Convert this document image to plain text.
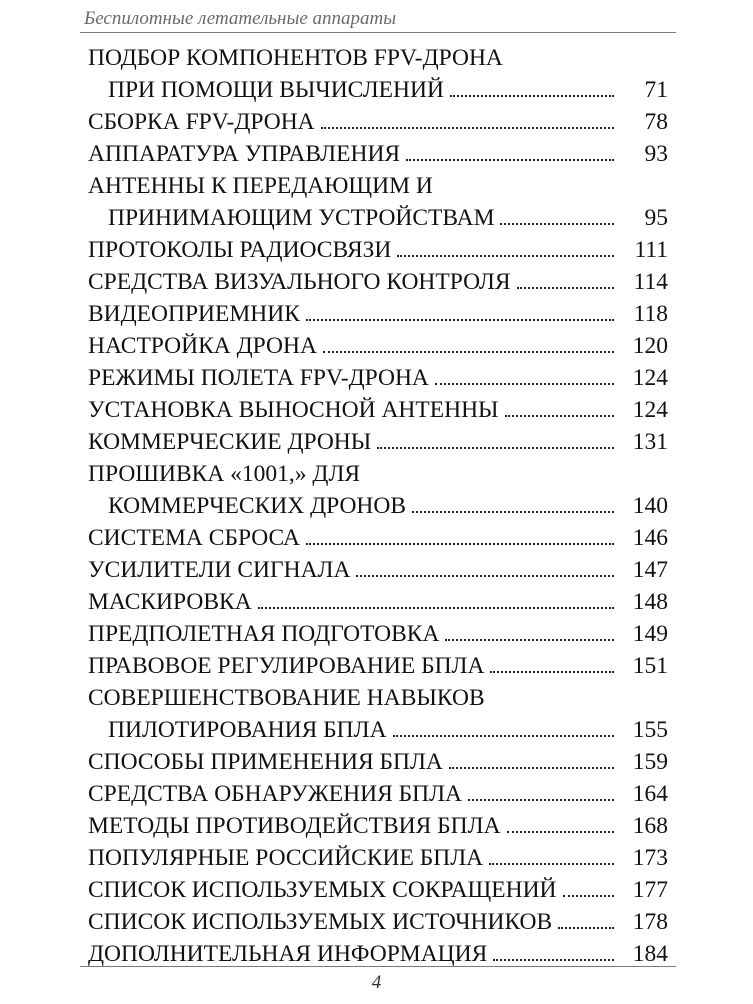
Беспилотные летательные аппараты
ПОДБОР КОМПОНЕНТОВ FPV-ДРОНА
ПРИ ПОМОЩИ ВЫЧИСЛЕНИЙ	71
СБОРКА FPV-ДРОНА	78
АППАРАТУРА УПРАВЛЕНИЯ	93
АНТЕННЫ К ПЕРЕДАЮЩИМ И
ПРИНИМАЮЩИМ УСТРОЙСТВАМ	95
ПРОТОКОЛЫ РАДИОСВЯЗИ	111
СРЕДСТВА ВИЗУАЛЬНОГО КОНТРОЛЯ	114
ВИДЕОПРИЕМНИК	118
НАСТРОЙКА ДРОНА	120
РЕЖИМЫ ПОЛЕТА FPV-ДРОНА	124
УСТАНОВКА ВЫНОСНОЙ АНТЕННЫ	124
КОММЕРЧЕСКИЕ ДРОНЫ	131
ПРОШИВКА «1001,» ДЛЯ
КОММЕРЧЕСКИХ ДРОНОВ	140
СИСТЕМА СБРОСА	146
УСИЛИТЕЛИ СИГНАЛА	147
МАСКИРОВКА	148
ПРЕДПОЛЕТНАЯ ПОДГОТОВКА	149
ПРАВОВОЕ РЕГУЛИРОВАНИЕ БПЛА	151
СОВЕРШЕНСТВОВАНИЕ НАВЫКОВ
ПИЛОТИРОВАНИЯ БПЛА	155
СПОСОБЫ ПРИМЕНЕНИЯ БПЛА	159
СРЕДСТВА ОБНАРУЖЕНИЯ БПЛА	164
МЕТОДЫ ПРОТИВОДЕЙСТВИЯ БПЛА	168
ПОПУЛЯРНЫЕ РОССИЙСКИЕ БПЛА	173
СПИСОК ИСПОЛЬЗУЕМЫХ СОКРАЩЕНИЙ	177
СПИСОК ИСПОЛЬЗУЕМЫХ ИСТОЧНИКОВ	178
ДОПОЛНИТЕЛЬНАЯ ИНФОРМАЦИЯ	184
4
